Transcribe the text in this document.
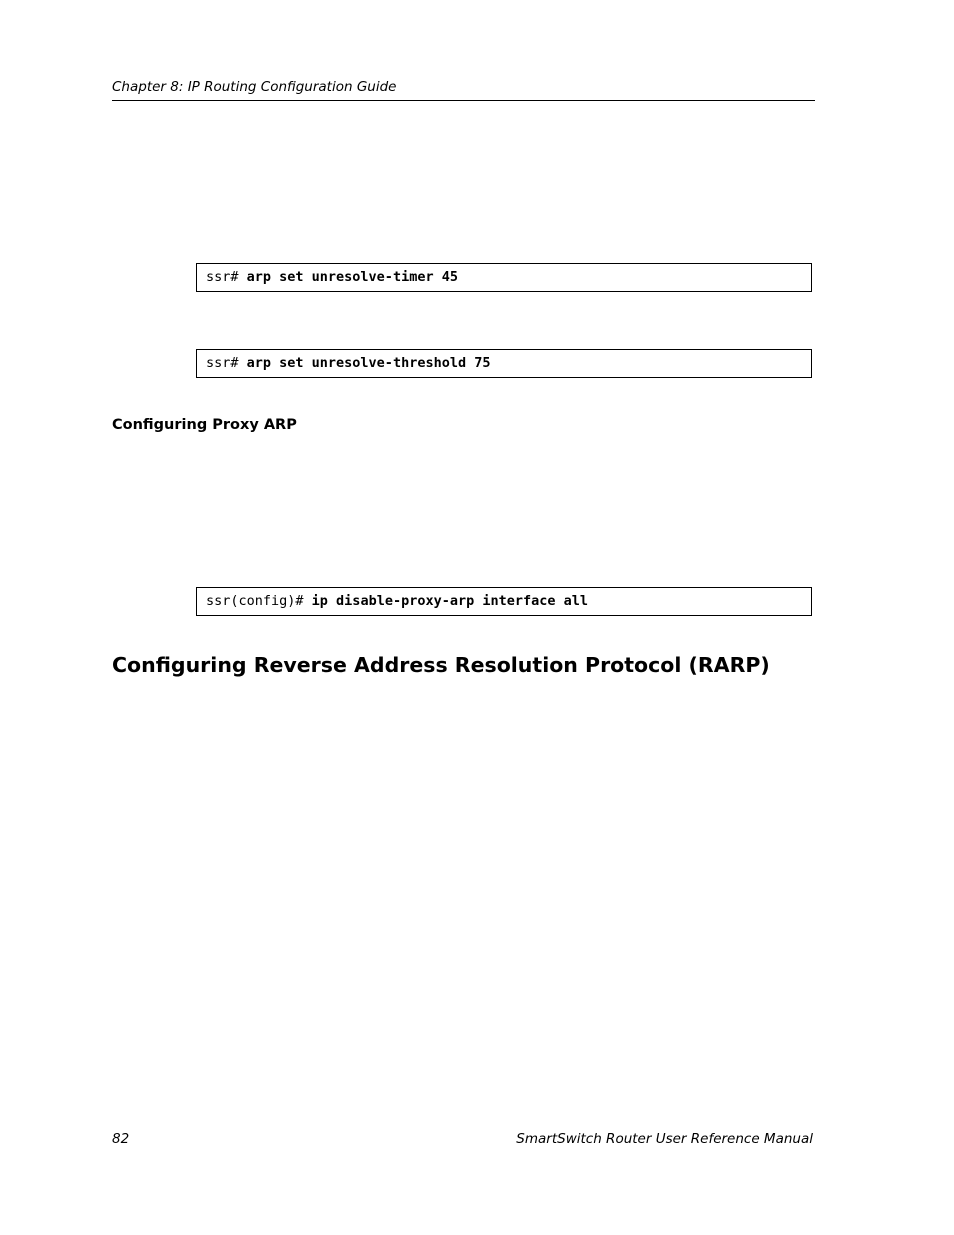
Chapter 8: IP Routing Configuration Guide
ssr# arp set unresolve-timer 45
ssr# arp set unresolve-threshold 75
Configuring Proxy ARP
ssr(config)# ip disable-proxy-arp interface all
Configuring Reverse Address Resolution Protocol (RARP)
82	SmartSwitch Router User Reference Manual
